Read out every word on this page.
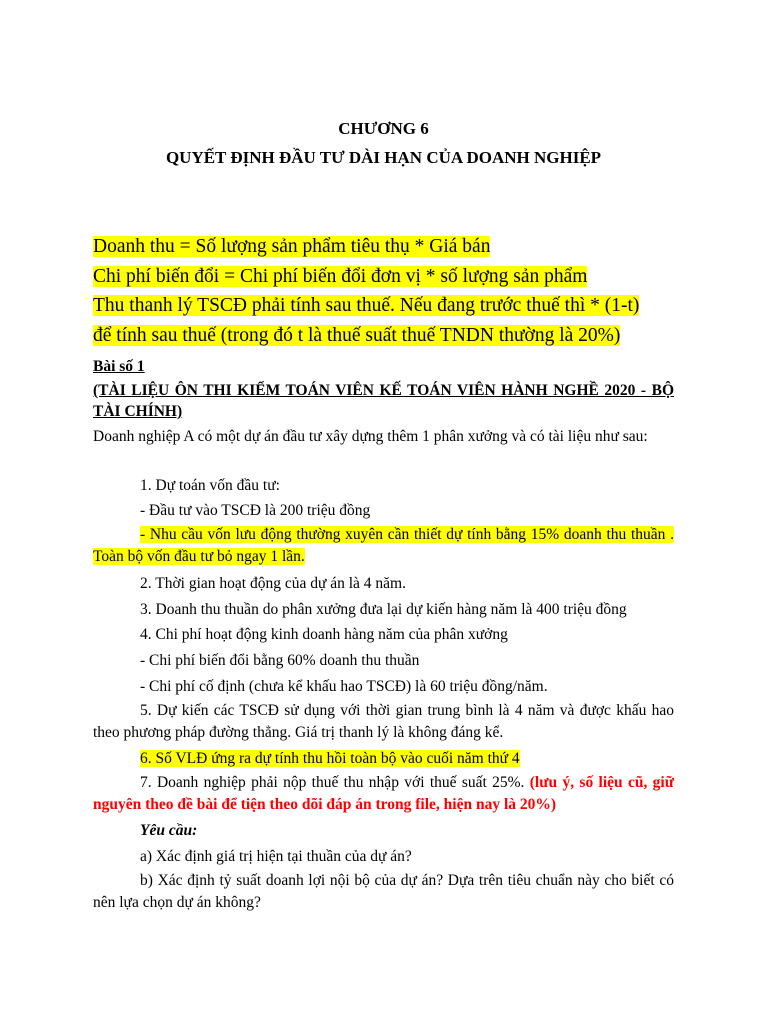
CHƯƠNG 6
QUYẾT ĐỊNH ĐẦU TƯ DÀI HẠN CỦA DOANH NGHIỆP
Doanh thu = Số lượng sản phẩm tiêu thụ * Giá bán
Chi phí biến đổi = Chi phí biến đổi đơn vị * số lượng sản phẩm
Thu thanh lý TSCĐ phải tính sau thuế. Nếu đang trước thuế thì * (1-t)
để tính sau thuế (trong đó t là thuế suất thuế TNDN thường là 20%)
Bài số 1
(TÀI LIỆU ÔN THI KIỂM TOÁN VIÊN KẾ TOÁN VIÊN HÀNH NGHỀ 2020 - BỘ TÀI CHÍNH)
Doanh nghiệp A có một dự án đầu tư xây dựng thêm 1 phân xưởng và có tài liệu như sau:
1. Dự toán vốn đầu tư:
- Đầu tư vào TSCĐ là 200 triệu đồng
- Nhu cầu vốn lưu động thường xuyên cần thiết dự tính bằng 15% doanh thu thuần . Toàn bộ vốn đầu tư bỏ ngay 1 lần.
2. Thời gian hoạt động của dự án là 4 năm.
3. Doanh thu thuần do phân xưởng đưa lại dự kiến hàng năm là 400 triệu đồng
4. Chi phí hoạt động kinh doanh hàng năm của phân xưởng
- Chi phí biến đổi bằng 60% doanh thu thuần
- Chi phí cố định (chưa kể khấu hao TSCĐ) là 60 triệu đồng/năm.
5. Dự kiến các TSCĐ sử dụng với thời gian trung bình là 4 năm và được khấu hao theo phương pháp đường thẳng. Giá trị thanh lý là không đáng kể.
6. Số VLĐ ứng ra dự tính thu hồi toàn bộ vào cuối năm thứ 4
7. Doanh nghiệp phải nộp thuế thu nhập với thuế suất 25%. (lưu ý, số liệu cũ, giữ nguyên theo đề bài để tiện theo dõi đáp án trong file, hiện nay là 20%)
Yêu cầu:
a) Xác định giá trị hiện tại thuần của dự án?
b) Xác định tỷ suất doanh lợi nội bộ của dự án? Dựa trên tiêu chuẩn này cho biết có nên lựa chọn dự án không?
